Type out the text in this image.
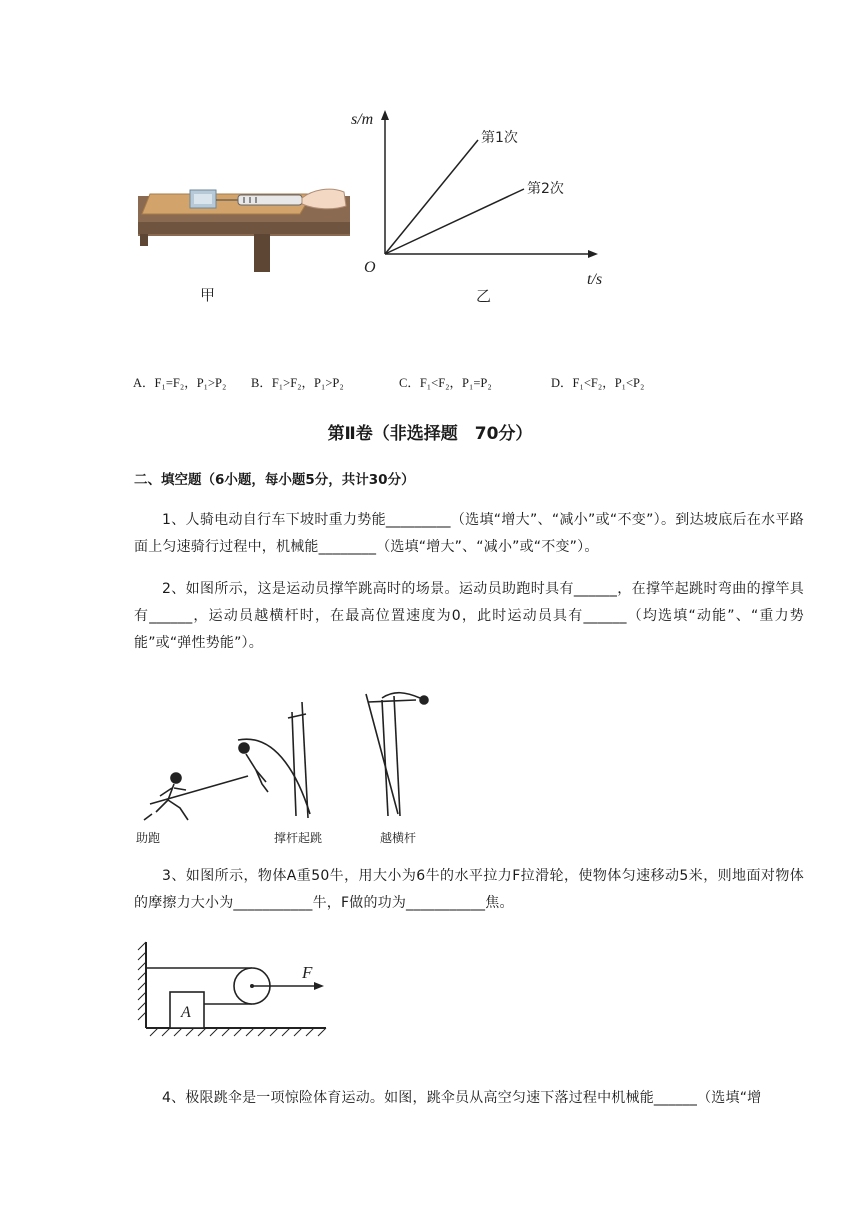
甲
s/m
t/s
O
第1次
第2次
乙
A．F₁=F₂，P₁>P₂ B．F₁>F₂，P₁>P₂	C．F₁<F₂，P₁=P₂	D．F₁<F₂，P₁<P₂
第Ⅱ卷（非选择题　70分）
二、填空题（6小题，每小题5分，共计30分）
1、人骑电动自行车下坡时重力势能_________（选填“增大”、“减小”或“不变”）。到达坡底后在水平路面上匀速骑行过程中，机械能________（选填“增大”、“减小”或“不变”）。
2、如图所示，这是运动员撑竿跳高时的场景。运动员助跑时具有______，在撑竿起跳时弯曲的撑竿具有______，运动员越横杆时，在最高位置速度为0，此时运动员具有______（均选填“动能”、“重力势能”或“弹性势能”）。
助跑	撑杆起跳	越横杆
3、如图所示，物体A重50牛，用大小为6牛的水平拉力F拉滑轮，使物体匀速移动5米，则地面对物体的摩擦力大小为___________牛，F做的功为___________焦。
A
F
4、极限跳伞是一项惊险体育运动。如图，跳伞员从高空匀速下落过程中机械能______（选填“增
